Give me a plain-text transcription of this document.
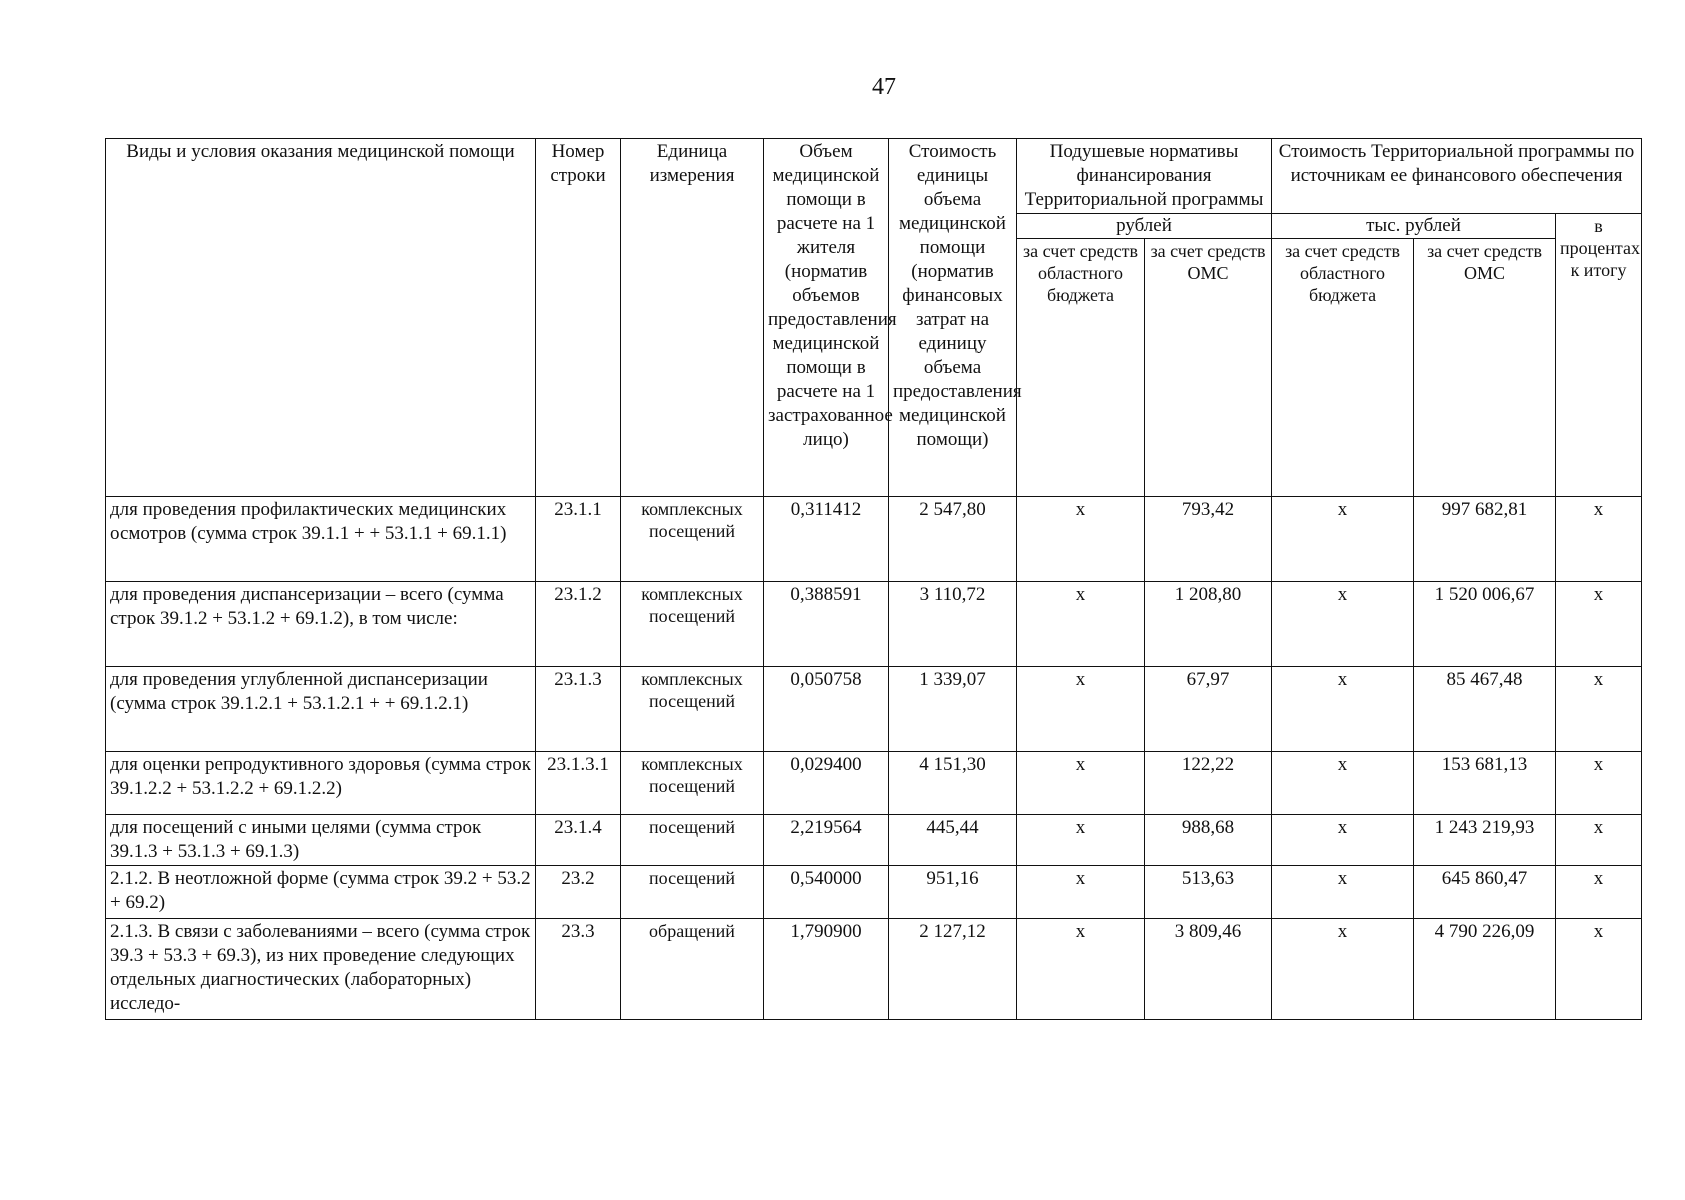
47
Виды и условия оказания медицинской помощи	Номер строки	Единица измерения	Объем медицинской помощи в расчете на 1 жителя (норматив объемов предоставления медицинской помощи в расчете на 1 застрахованное лицо)	Стоимость единицы объема медицинской помощи (норматив финансовых затрат на единицу объема предоставления медицинской помощи)	Подушевые нормативы финансирования Территориальной программы		Стоимость Территориальной программы по источникам ее финансового обеспечения		
					рублей		тыс. рублей		в процентах к итогу
					за счет средств областного бюджета	за счет средств ОМС	за счет средств областного бюджета	за счет средств ОМС	
для проведения профилактических медицинских осмотров (сумма строк 39.1.1 + + 53.1.1 + 69.1.1)	23.1.1	комплексных посещений	0,311412	2 547,80	х	793,42	х	997 682,81	х
для проведения диспансеризации – всего (сумма строк 39.1.2 + 53.1.2 + 69.1.2), в том числе:	23.1.2	комплексных посещений	0,388591	3 110,72	х	1 208,80	х	1 520 006,67	х
для проведения углубленной диспансеризации (сумма строк 39.1.2.1 + 53.1.2.1 + + 69.1.2.1)	23.1.3	комплексных посещений	0,050758	1 339,07	х	67,97	х	85 467,48	х
для оценки репродуктивного здоровья (сумма строк 39.1.2.2 + 53.1.2.2 + 69.1.2.2)	23.1.3.1	комплексных посещений	0,029400	4 151,30	х	122,22	х	153 681,13	х
для посещений с иными целями (сумма строк 39.1.3 + 53.1.3 + 69.1.3)	23.1.4	посещений	2,219564	445,44	х	988,68	х	1 243 219,93	х
2.1.2. В неотложной форме (сумма строк 39.2 + 53.2 + 69.2)	23.2	посещений	0,540000	951,16	х	513,63	х	645 860,47	х
2.1.3. В связи с заболеваниями – всего (сумма строк 39.3 + 53.3 + 69.3), из них проведение следующих отдельных диагностических (лабораторных) исследо-	23.3	обращений	1,790900	2 127,12	х	3 809,46	х	4 790 226,09	х
